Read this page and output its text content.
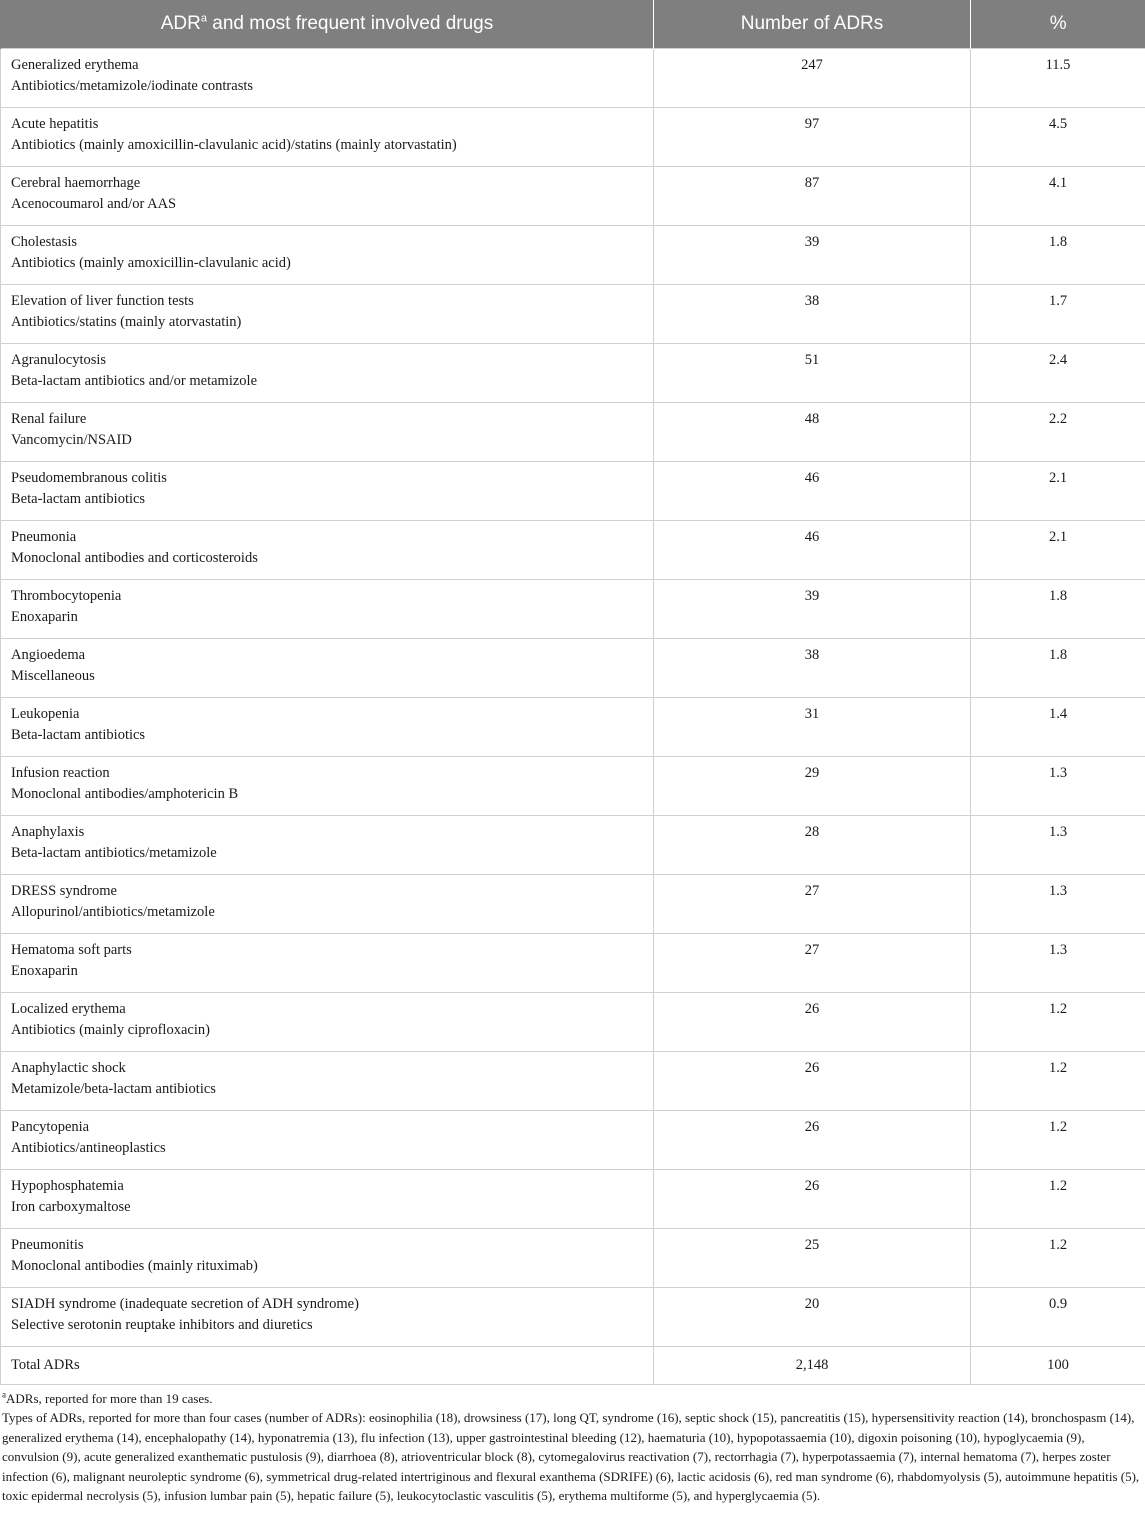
ADR$^a$ and most frequent involved drugs	Number of ADRs	%

Generalized erythema
Antibiotics/metamizole/iodinate contrasts	247	11.5

Acute hepatitis
Antibiotics (mainly amoxicillin-clavulanic acid)/statins (mainly atorvastatin)	97	4.5

Cerebral haemorrhage
Acenocoumarol and/or AAS	87	4.1

Cholestasis
Antibiotics (mainly amoxicillin-clavulanic acid)	39	1.8

Elevation of liver function tests
Antibiotics/statins (mainly atorvastatin)	38	1.7

Agranulocytosis
Beta-lactam antibiotics and/or metamizole	51	2.4

Renal failure
Vancomycin/NSAID	48	2.2

Pseudomembranous colitis
Beta-lactam antibiotics	46	2.1

Pneumonia
Monoclonal antibodies and corticosteroids	46	2.1

Thrombocytopenia
Enoxaparin	39	1.8

Angioedema
Miscellaneous	38	1.8

Leukopenia
Beta-lactam antibiotics	31	1.4

Infusion reaction
Monoclonal antibodies/amphotericin B	29	1.3

Anaphylaxis
Beta-lactam antibiotics/metamizole	28	1.3

DRESS syndrome
Allopurinol/antibiotics/metamizole	27	1.3

Hematoma soft parts
Enoxaparin	27	1.3

Localized erythema
Antibiotics (mainly ciprofloxacin)	26	1.2

Anaphylactic shock
Metamizole/beta-lactam antibiotics	26	1.2

Pancytopenia
Antibiotics/antineoplastics	26	1.2

Hypophosphatemia
Iron carboxymaltose	26	1.2

Pneumonitis
Monoclonal antibodies (mainly rituximab)	25	1.2

SIADH syndrome (inadequate secretion of ADH syndrome)
Selective serotonin reuptake inhibitors and diuretics	20	0.9
Total ADRs	2,148	100

$^a$ADRs, reported for more than 19 cases.

Types of ADRs, reported for more than four cases (number of ADRs): eosinophilia (18), drowsiness (17), long QT, syndrome (16), septic shock (15), pancreatitis (15), hypersensitivity reaction (14), bronchospasm (14), generalized erythema (14), encephalopathy (14), hyponatremia (13), flu infection (13), upper gastrointestinal bleeding (12), haematuria (10), hypopotassaemia (10), digoxin poisoning (10), hypoglycaemia (9), convulsion (9), acute generalized exanthematic pustulosis (9), diarrhoea (8), atrioventricular block (8), cytomegalovirus reactivation (7), rectorrhagia (7), hyperpotassaemia (7), internal hematoma (7), herpes zoster infection (6), malignant neuroleptic syndrome (6), symmetrical drug-related intertriginous and flexural exanthema (SDRIFE) (6), lactic acidosis (6), red man syndrome (6), rhabdomyolysis (5), autoimmune hepatitis (5), toxic epidermal necrolysis (5), infusion lumbar pain (5), hepatic failure (5), leukocytoclastic vasculitis (5), erythema multiforme (5), and hyperglycaemia (5).
